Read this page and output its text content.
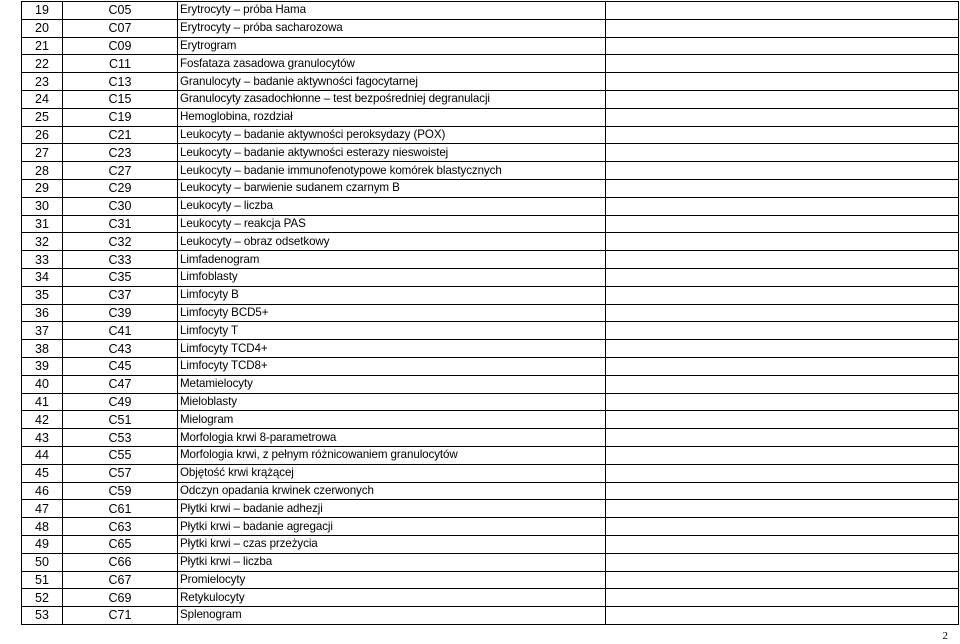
19	C05	Erytrocyty – próba Hama	
20	C07	Erytrocyty – próba sacharozowa	
21	C09	Erytrogram	
22	C11	Fosfataza zasadowa granulocytów	
23	C13	Granulocyty – badanie aktywności fagocytarnej	
24	C15	Granulocyty zasadochłonne – test bezpośredniej degranulacji	
25	C19	Hemoglobina, rozdział	
26	C21	Leukocyty – badanie aktywności peroksydazy (POX)	
27	C23	Leukocyty – badanie aktywności esterazy nieswoistej	
28	C27	Leukocyty – badanie immunofenotypowe komórek blastycznych	
29	C29	Leukocyty – barwienie sudanem czarnym B	
30	C30	Leukocyty – liczba	
31	C31	Leukocyty – reakcja PAS	
32	C32	Leukocyty – obraz odsetkowy	
33	C33	Limfadenogram	
34	C35	Limfoblasty	
35	C37	Limfocyty B	
36	C39	Limfocyty BCD5+	
37	C41	Limfocyty T	
38	C43	Limfocyty TCD4+	
39	C45	Limfocyty TCD8+	
40	C47	Metamielocyty	
41	C49	Mieloblasty	
42	C51	Mielogram	
43	C53	Morfologia krwi 8-parametrowa	
44	C55	Morfologia krwi, z pełnym różnicowaniem granulocytów	
45	C57	Objętość krwi krążącej	
46	C59	Odczyn opadania krwinek czerwonych	
47	C61	Płytki krwi – badanie adhezji	
48	C63	Płytki krwi – badanie agregacji	
49	C65	Płytki krwi – czas przeżycia	
50	C66	Płytki krwi – liczba	
51	C67	Promielocyty	
52	C69	Retykulocyty	
53	C71	Splenogram	
2
